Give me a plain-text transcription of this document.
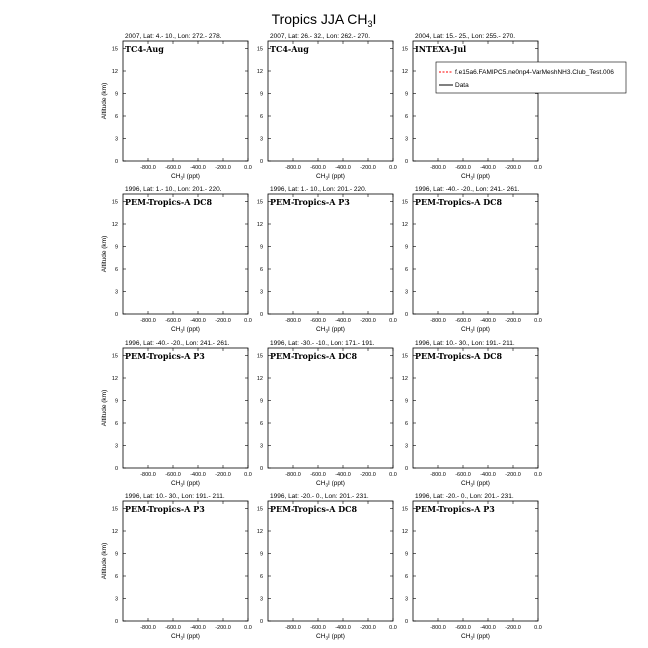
Tropics JJA $CH_3I$
2007, Lat: 4.- 10., Lon: 272.- 278.
TC4-Aug
-800.0 -600.0 -400.0 -200.0 0.0
0
3
6
9
12
15
$CH_3I$ (ppt)
Altitude (km)
2007, Lat: 26.- 32., Lon: 262.- 270.
TC4-Aug
-800.0 -600.0 -400.0 -200.0 0.0
0
3
6
9
12
15
$CH_3I$ (ppt)
2004, Lat: 15.- 25., Lon: 255.- 270.
INTEXA-Jul
-800.0 -600.0 -400.0 -200.0 0.0
0
3
6
9
12
15
$CH_3I$ (ppt)
f.e15a6.FAMIPC5.ne0np4-VarMeshNH3.Club_Test.006
Data
1996, Lat: 1.- 10., Lon: 201.- 220.
PEM-Tropics-A DC8
-800.0 -600.0 -400.0 -200.0 0.0
0
3
6
9
12
15
$CH_3I$ (ppt)
Altitude (km)
1996, Lat: 1.- 10., Lon: 201.- 220.
PEM-Tropics-A P3
-800.0 -600.0 -400.0 -200.0 0.0
0
3
6
9
12
15
$CH_3I$ (ppt)
1996, Lat: -40.- -20., Lon: 241.- 261.
PEM-Tropics-A DC8
-800.0 -600.0 -400.0 -200.0 0.0
0
3
6
9
12
15
$CH_3I$ (ppt)
1996, Lat: -40.- -20., Lon: 241.- 261.
PEM-Tropics-A P3
-800.0 -600.0 -400.0 -200.0 0.0
0
3
6
9
12
15
$CH_3I$ (ppt)
Altitude (km)
1996, Lat: -30.- -10., Lon: 171.- 191.
PEM-Tropics-A DC8
-800.0 -600.0 -400.0 -200.0 0.0
0
3
6
9
12
15
$CH_3I$ (ppt)
1996, Lat: 10.- 30., Lon: 191.- 211.
PEM-Tropics-A DC8
-800.0 -600.0 -400.0 -200.0 0.0
0
3
6
9
12
15
$CH_3I$ (ppt)
1996, Lat: 10.- 30., Lon: 191.- 211.
PEM-Tropics-A P3
-800.0 -600.0 -400.0 -200.0 0.0
0
3
6
9
12
15
$CH_3I$ (ppt)
Altitude (km)
1996, Lat: -20.- 0., Lon: 201.- 231.
PEM-Tropics-A DC8
-800.0 -600.0 -400.0 -200.0 0.0
0
3
6
9
12
15
$CH_3I$ (ppt)
1996, Lat: -20.- 0., Lon: 201.- 231.
PEM-Tropics-A P3
-800.0 -600.0 -400.0 -200.0 0.0
0
3
6
9
12
15
$CH_3I$ (ppt)
